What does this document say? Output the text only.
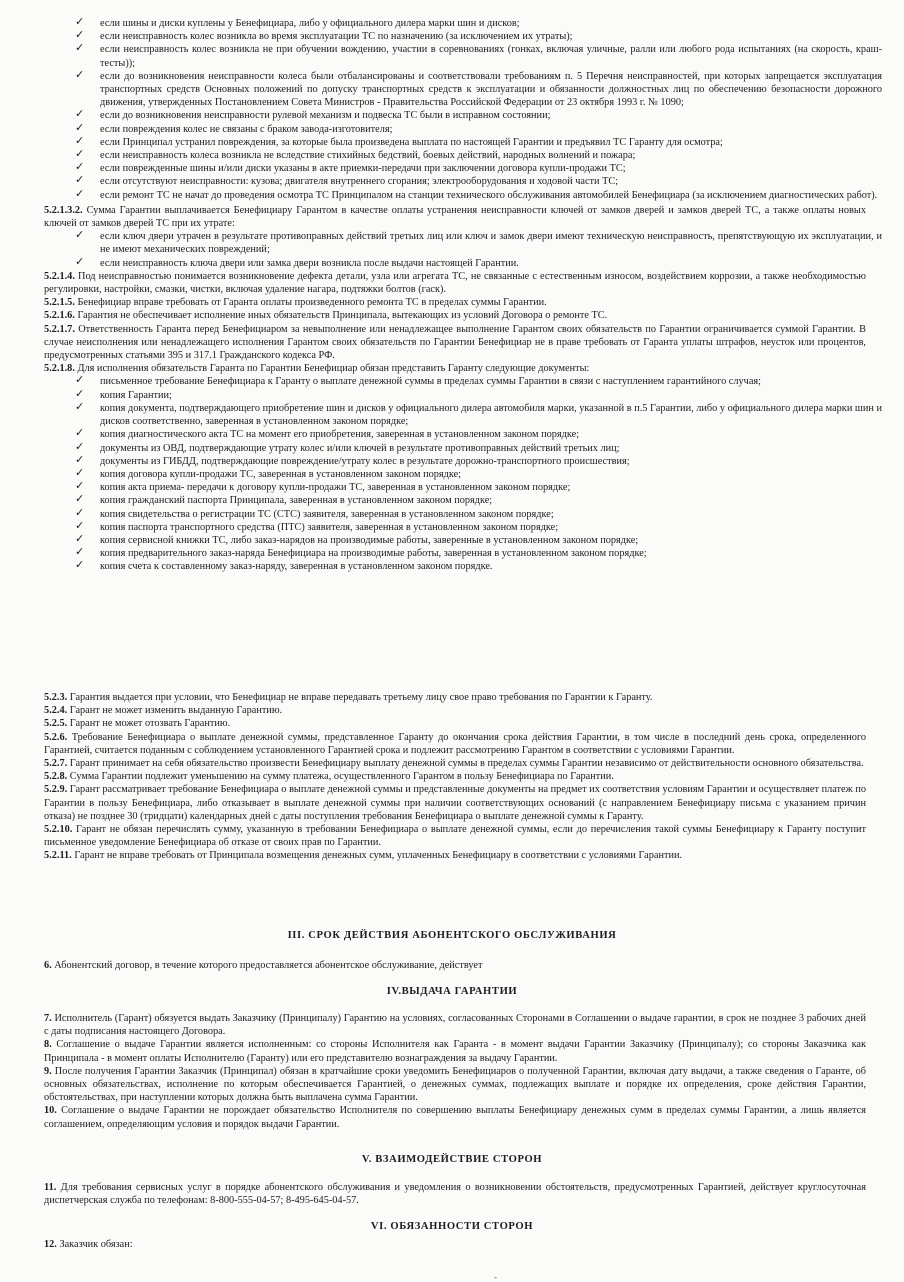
✓ если шины и диски куплены у Бенефициара, либо у официального дилера марки шин и дисков;
✓ если неисправность колес возникла во время эксплуатации ТС по назначению (за исключением их утраты);
✓ если неисправность колес возникла не при обучении вождению, участии в соревнованиях (гонках, включая уличные, ралли или любого рода испытаниях (на скорость, краш-тесты));
✓ если до возникновения неисправности колеса были отбалансированы и соответствовали требованиям п. 5 Перечня неисправностей, при которых запрещается эксплуатация транспортных средств Основных положений по допуску транспортных средств к эксплуатации и обязанности должностных лиц по обеспечению безопасности дорожного движения, утвержденных Постановлением Совета Министров - Правительства Российской Федерации от 23 октября 1993 г. № 1090;
✓ если до возникновения неисправности рулевой механизм и подвеска ТС были в исправном состоянии;
✓ если повреждения колес не связаны с браком завода-изготовителя;
✓ если Принципал устранил повреждения, за которые была произведена выплата по настоящей Гарантии и предъявил ТС Гаранту для осмотра;
✓ если неисправность колеса возникла не вследствие стихийных бедствий, боевых действий, народных волнений и пожара;
✓ если поврежденные шины и/или диски указаны в акте приемки-передачи при заключении договора купли-продажи ТС;
✓ если отсутствуют неисправности: кузова; двигателя внутреннего сгорания; электрооборудования и ходовой части ТС;
✓ если ремонт ТС не начат до проведения осмотра ТС Принципалом на станции технического обслуживания автомобилей Бенефициара (за исключением диагностических работ).
5.2.1.3.2. Сумма Гарантии выплачивается Бенефициару Гарантом в качестве оплаты устранения неисправности ключей от замков дверей и замков дверей ТС, а также оплаты новых ключей от замков дверей ТС при их утрате:
✓ если ключ двери утрачен в результате противоправных действий третьих лиц или ключ и замок двери имеют техническую неисправность, препятствующую их эксплуатации, и не имеют механических повреждений;
✓ если неисправность ключа двери или замка двери возникла после выдачи настоящей Гарантии.
5.2.1.4. Под неисправностью понимается возникновение дефекта детали, узла или агрегата ТС, не связанные с естественным износом, воздействием коррозии, а также необходимостью регулировки, настройки, смазки, чистки, включая удаление нагара, подтяжки болтов (гаск).
5.2.1.5. Бенефициар вправе требовать от Гаранта оплаты произведенного ремонта ТС в пределах суммы Гарантии.
5.2.1.6. Гарантия не обеспечивает исполнение иных обязательств Принципала, вытекающих из условий Договора о ремонте ТС.
5.2.1.7. Ответственность Гаранта перед Бенефициаром за невыполнение или ненадлежащее выполнение Гарантом своих обязательств по Гарантии ограничивается суммой Гарантии. В случае неисполнения или ненадлежащего исполнения Гарантом своих обязательств по Гарантии Бенефициар не в праве требовать от Гаранта уплаты штрафов, неусток или процентов, предусмотренных статьями 395 и 317.1 Гражданского кодекса РФ.
5.2.1.8. Для исполнения обязательств Гаранта по Гарантии Бенефициар обязан представить Гаранту следующие документы:
✓ письменное требование Бенефициара к Гаранту о выплате денежной суммы в пределах суммы Гарантии в связи с наступлением гарантийного случая;
✓ копия Гарантии;
✓ копия документа, подтверждающего приобретение шин и дисков у официального дилера автомобиля марки, указанной в п.5 Гарантии, либо у официального дилера марки шин и дисков соответственно, заверенная в установленном законом порядке;
✓ копия диагностического акта ТС на момент его приобретения, заверенная в установленном законом порядке;
✓ документы из ОВД, подтверждающие утрату колес и/или ключей в результате противоправных действий третьих лиц;
✓ документы из ГИБДД, подтверждающие повреждение/утрату колес в результате дорожно-транспортного происшествия;
✓ копия договора купли-продажи ТС, заверенная в установленном законом порядке;
✓ копия акта приема- передачи к договору купли-продажи ТС, заверенная в установленном законом порядке;
✓ копия гражданский паспорта Принципала, заверенная в установленном законом порядке;
✓ копия свидетельства о регистрации ТС (СТС) заявителя, заверенная в установленном законом порядке;
✓ копия паспорта транспортного средства (ПТС) заявителя, заверенная в установленном законом порядке;
✓ копия сервисной книжки ТС, либо заказ-нарядов на производимые работы, заверенные в установленном законом порядке;
✓ копия предварительного заказ-наряда Бенефициара на производимые работы, заверенная в установленном законом порядке;
✓ копия счета к составленному заказ-наряду, заверенная в установленном законом порядке.
5.2.3. Гарантия выдается при условии, что Бенефициар не вправе передавать третьему лицу свое право требования по Гарантии к Гаранту.
5.2.4. Гарант не может изменить выданную Гарантию.
5.2.5. Гарант не может отозвать Гарантию.
5.2.6. Требование Бенефициара о выплате денежной суммы, представленное Гаранту до окончания срока действия Гарантии, в том числе в последний день срока, определенного Гарантией, считается поданным с соблюдением установленного Гарантией срока и подлежит рассмотрению Гарантом в соответствии с условиями Гарантии.
5.2.7. Гарант принимает на себя обязательство произвести Бенефициару выплату денежной суммы в пределах суммы Гарантии независимо от действительности основного обязательства.
5.2.8. Сумма Гарантии подлежит уменьшению на сумму платежа, осуществленного Гарантом в пользу Бенефициара по Гарантии.
5.2.9. Гарант рассматривает требование Бенефициара о выплате денежной суммы и представленные документы на предмет их соответствия условиям Гарантии и осуществляет платеж по Гарантии в пользу Бенефициара, либо отказывает в выплате денежной суммы при наличии соответствующих оснований (с направлением Бенефициару письма с указанием причин отказа) не позднее 30 (тридцати) календарных дней с даты поступления требования Бенефициара о выплате денежной суммы к Гаранту.
5.2.10. Гарант не обязан перечислять сумму, указанную в требовании Бенефициара о выплате денежной суммы, если до перечисления такой суммы Бенефициару к Гаранту поступит письменное уведомление Бенефициара об отказе от своих прав по Гарантии.
5.2.11. Гарант не вправе требовать от Принципала возмещения денежных сумм, уплаченных Бенефициару в соответствии с условиями Гарантии.
III. СРОК ДЕЙСТВИЯ АБОНЕНТСКОГО ОБСЛУЖИВАНИЯ
6. Абонентский договор, в течение которого предоставляется абонентское обслуживание, действует
IV.ВЫДАЧА ГАРАНТИИ
7. Исполнитель (Гарант) обязуется выдать Заказчику (Принципалу) Гарантию на условиях, согласованных Сторонами в Соглашении о выдаче гарантии, в срок не позднее 3 рабочих дней с даты подписания настоящего Договора.
8. Соглашение о выдаче Гарантии является исполненным: со стороны Исполнителя как Гаранта - в момент выдачи Гарантии Заказчику (Принципалу); со стороны Заказчика как Принципала - в момент оплаты Исполнителю (Гаранту) или его представителю вознаграждения за выдачу Гарантии.
9. После получения Гарантии Заказчик (Принципал) обязан в кратчайшие сроки уведомить Бенефициаров о полученной Гарантии, включая дату выдачи, а также сведения о Гаранте, об основных обязательствах, исполнение по которым обеспечивается Гарантией, о денежных суммах, подлежащих выплате и порядке их определения, сроке действия Гарантии, обстоятельствах, при наступлении которых должна быть выплачена сумма Гарантии.
10. Соглашение о выдаче Гарантии не порождает обязательство Исполнителя по совершению выплаты Бенефициару денежных сумм в пределах суммы Гарантии, а лишь является соглашением, определяющим условия и порядок выдачи Гарантии.
V. ВЗАИМОДЕЙСТВИЕ СТОРОН
11. Для требования сервисных услуг в порядке абонентского обслуживания и уведомления о возникновении обстоятельств, предусмотренных Гарантией, действует круглосуточная диспетчерская служба по телефонам: 8-800-555-04-57; 8-495-645-04-57.
VI. ОБЯЗАННОСТИ СТОРОН
12. Заказчик обязан:
-
